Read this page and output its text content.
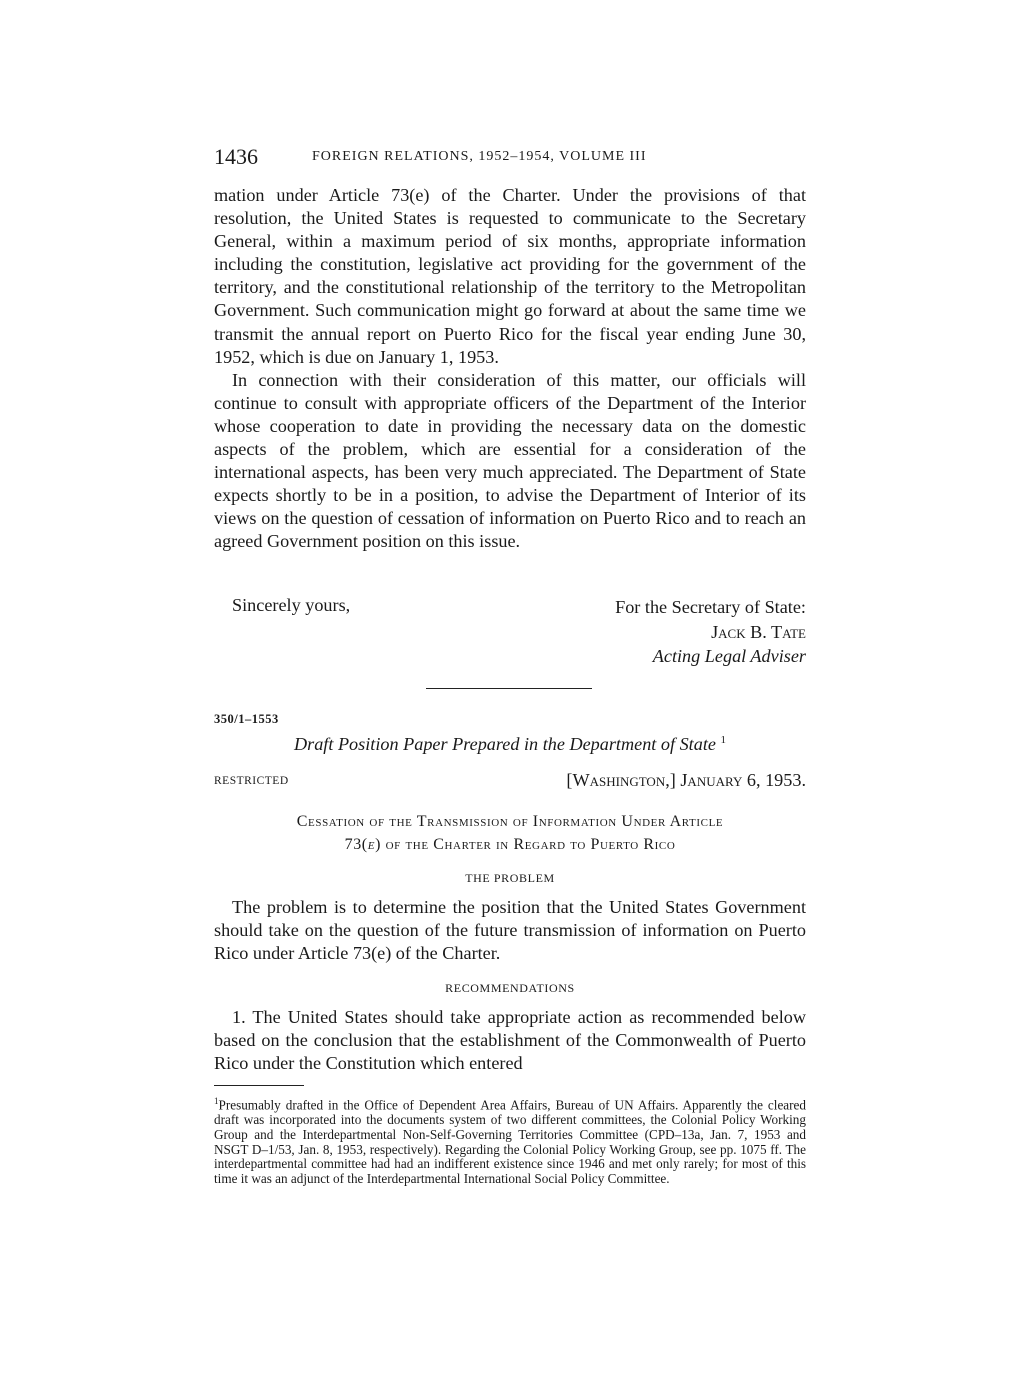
1436	FOREIGN RELATIONS, 1952–1954, VOLUME III

mation under Article 73(e) of the Charter. Under the provisions of that resolution, the United States is requested to communicate to the Secretary General, within a maximum period of six months, appropriate information including the constitution, legislative act providing for the government of the territory, and the constitutional relationship of the territory to the Metropolitan Government. Such communication might go forward at about the same time we transmit the annual report on Puerto Rico for the fiscal year ending June 30, 1952, which is due on January 1, 1953.

In connection with their consideration of this matter, our officials will continue to consult with appropriate officers of the Department of the Interior whose cooperation to date in providing the necessary data on the domestic aspects of the problem, which are essential for a consideration of the international aspects, has been very much appreciated. The Department of State expects shortly to be in a position, to advise the Department of Interior of its views on the question of cessation of information on Puerto Rico and to reach an agreed Government position on this issue.

Sincerely yours,	For the Secretary of State:
Jack B. Tate
Acting Legal Adviser
350/1–1553
Draft Position Paper Prepared in the Department of State $^1$
RESTRICTED	[Washington,] January 6, 1953.
Cessation of the Transmission of Information Under Article
73(e) of the Charter in Regard to Puerto Rico
THE PROBLEM
The problem is to determine the position that the United States Government should take on the question of the future transmission of information on Puerto Rico under Article 73(e) of the Charter.
RECOMMENDATIONS
1. The United States should take appropriate action as recommended below based on the conclusion that the establishment of the Commonwealth of Puerto Rico under the Constitution which entered
$^1$Presumably drafted in the Office of Dependent Area Affairs, Bureau of UN Affairs. Apparently the cleared draft was incorporated into the documents system of two different committees, the Colonial Policy Working Group and the Interdepartmental Non-Self-Governing Territories Committee (CPD–13a, Jan. 7, 1953 and NSGT D–1/53, Jan. 8, 1953, respectively). Regarding the Colonial Policy Working Group, see pp. 1075 ff. The interdepartmental committee had had an indifferent existence since 1946 and met only rarely; for most of this time it was an adjunct of the Interdepartmental International Social Policy Committee.
